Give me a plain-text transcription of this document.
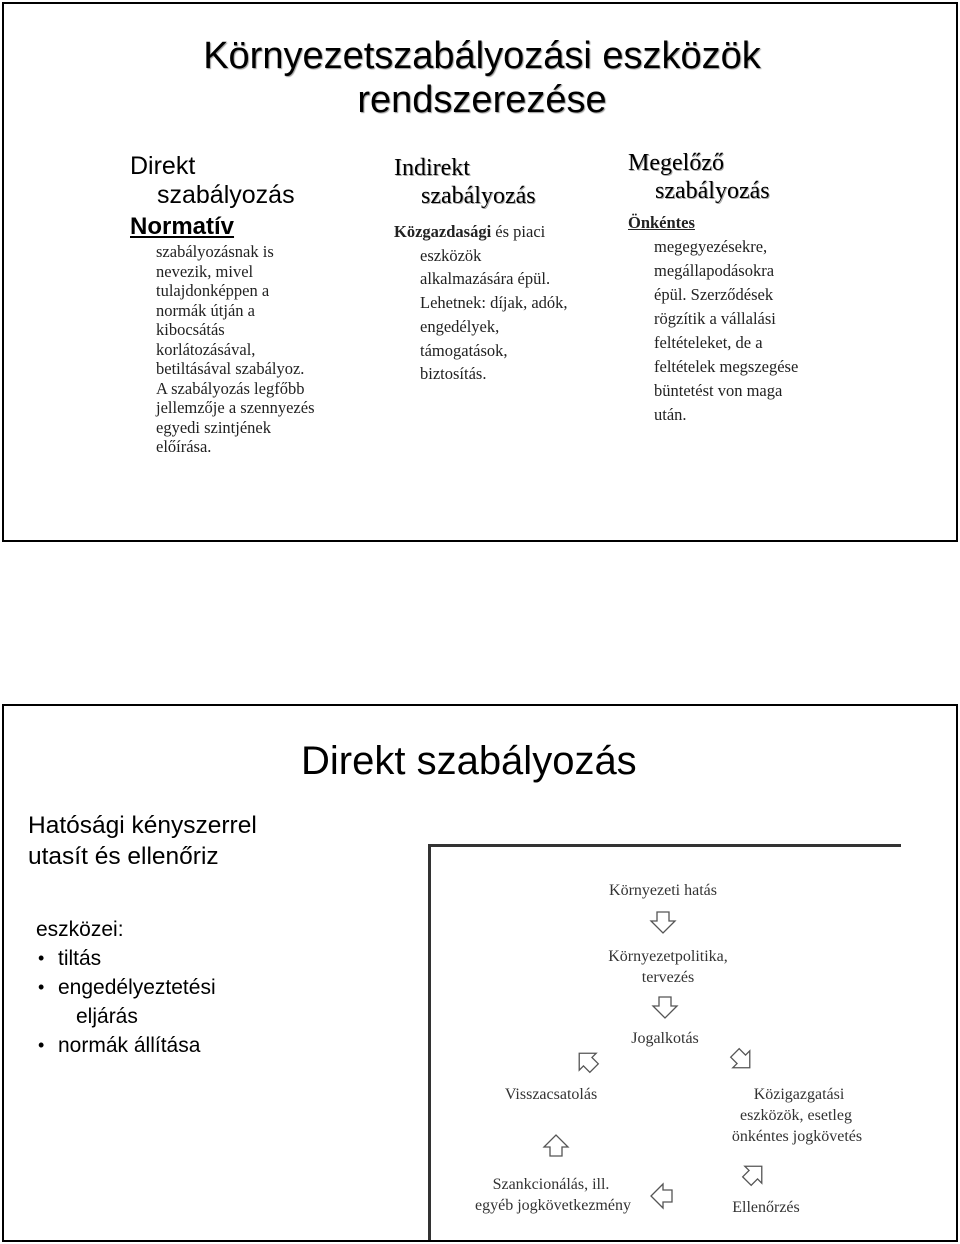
Környezetszabályozási eszközök
rendszerezése
Direkt
szabályozás
Normatív
szabályozásnak is
nevezik, mivel
tulajdonképpen a
normák útján a
kibocsátás
korlátozásával,
betiltásával szabályoz.
A szabályozás legfőbb
jellemzője a szennyezés
egyedi szintjének
előírása.
Indirekt
szabályozás
Közgazdasági és piaci
eszközök
alkalmazására épül.
Lehetnek: díjak, adók,
engedélyek,
támogatások,
biztosítás.
Megelőző
szabályozás
Önkéntes
megegyezésekre,
megállapodásokra
épül. Szerződések
rögzítik a vállalási
feltételeket, de a
feltételek megszegése
büntetést von maga
után.
Direkt szabályozás
Hatósági kényszerrel
utasít és ellenőriz
eszközei:
• tiltás
• engedélyeztetési
eljárás
• normák állítása
Környezeti hatás
Környezetpolitika,
tervezés
Jogalkotás
Közigazgatási
eszközök, esetleg
önkéntes jogkövetés
Ellenőrzés
Szankcionálás, ill.
egyéb jogkövetkezmény
Visszacsatolás
